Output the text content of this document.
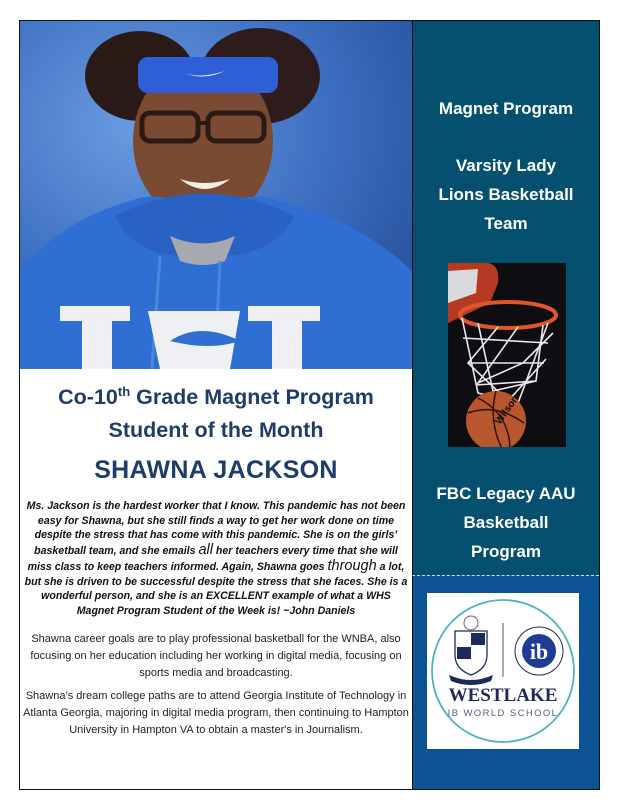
Co-10th Grade Magnet Program
Student of the Month
SHAWNA JACKSON
Ms. Jackson is the hardest worker that I know. This pandemic has not been easy for Shawna, but she still finds a way to get her work done on time despite the stress that has come with this pandemic. She is on the girls’ basketball team, and she emails all her teachers every time that she will miss class to keep teachers informed. Again, Shawna goes through a lot, but she is driven to be successful despite the stress that she faces. She is a wonderful person, and she is an EXCELLENT example of what a WHS Magnet Program Student of the Week is! ~John Daniels
Shawna career goals are to play professional basketball for the WNBA, also focusing on her education including her working in digital media, focusing on sports media and broadcasting.
Shawna’s dream college paths are to attend Georgia Institute of Technology in Atlanta Georgia, majoring in digital media program, then continuing to Hampton University in Hampton VA to obtain a master's in Journalism.
Magnet Program
Varsity Lady
Lions Basketball
Team
Wilson
FBC Legacy AAU
Basketball
Program
ib
WESTLAKE
IB WORLD SCHOOL
